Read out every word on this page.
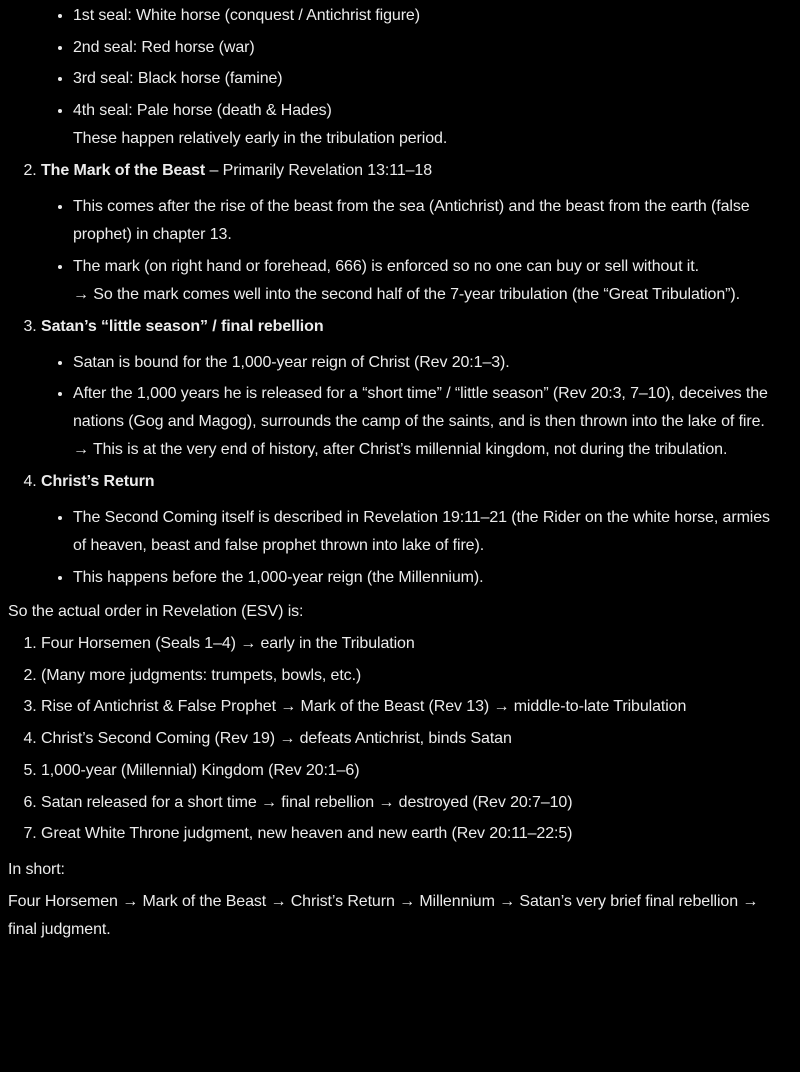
• 1st seal: White horse (conquest / Antichrist figure)
• 2nd seal: Red horse (war)
• 3rd seal: Black horse (famine)
• 4th seal: Pale horse (death & Hades)
These happen relatively early in the tribulation period.
2. The Mark of the Beast – Primarily Revelation 13:11–18
• This comes after the rise of the beast from the sea (Antichrist) and the beast from the earth (false prophet) in chapter 13.
• The mark (on right hand or forehead, 666) is enforced so no one can buy or sell without it.
→ So the mark comes well into the second half of the 7-year tribulation (the “Great Tribulation”).
3. Satan’s “little season” / final rebellion
• Satan is bound for the 1,000-year reign of Christ (Rev 20:1–3).
• After the 1,000 years he is released for a “short time” / “little season” (Rev 20:3, 7–10), deceives the nations (Gog and Magog), surrounds the camp of the saints, and is then thrown into the lake of fire.
→ This is at the very end of history, after Christ’s millennial kingdom, not during the tribulation.
4. Christ’s Return
• The Second Coming itself is described in Revelation 19:11–21 (the Rider on the white horse, armies of heaven, beast and false prophet thrown into lake of fire).
• This happens before the 1,000-year reign (the Millennium).

So the actual order in Revelation (ESV) is:

1. Four Horsemen (Seals 1–4) → early in the Tribulation
2. (Many more judgments: trumpets, bowls, etc.)
3. Rise of Antichrist & False Prophet → Mark of the Beast (Rev 13) → middle-to-late Tribulation
4. Christ’s Second Coming (Rev 19) → defeats Antichrist, binds Satan
5. 1,000-year (Millennial) Kingdom (Rev 20:1–6)
6. Satan released for a short time → final rebellion → destroyed (Rev 20:7–10)
7. Great White Throne judgment, new heaven and new earth (Rev 20:11–22:5)

In short:

Four Horsemen → Mark of the Beast → Christ’s Return → Millennium → Satan’s very brief final rebellion → final judgment.
